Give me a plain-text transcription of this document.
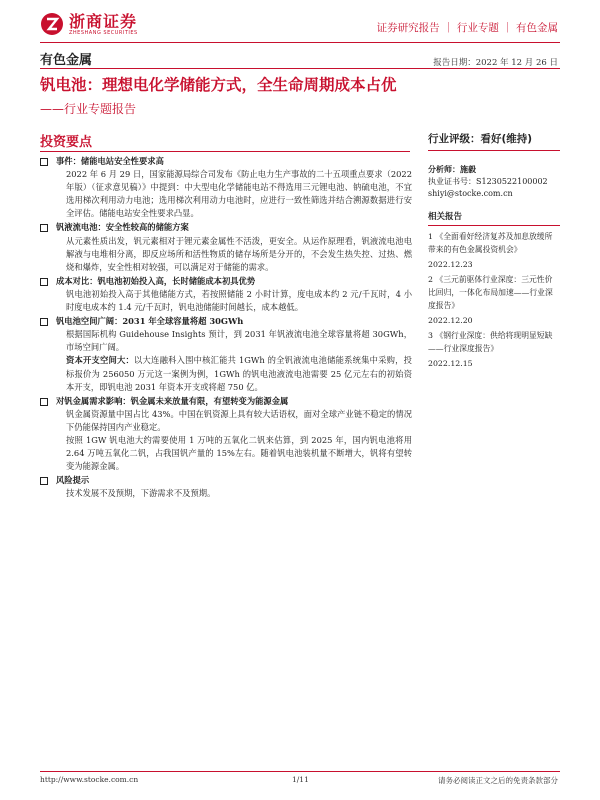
浙商证券
ZHESHANG SECURITIES	证券研究报告 ｜ 行业专题 ｜ 有色金属
有色金属	报告日期：2022 年 12 月 26 日
钒电池：理想电化学储能方式，全生命周期成本占优
——行业专题报告
投资要点
事件：储能电站安全性要求高
2022 年 6 月 29 日，国家能源局综合司发布《防止电力生产事故的二十五项重点要求（2022 年版）（征求意见稿）》中提到：中大型电化学储能电站不得选用三元锂电池、钠硫电池，不宜选用梯次利用动力电池；选用梯次利用动力电池时，应进行一致性筛选并结合溯源数据进行安全评估。储能电站安全性要求凸显。
钒液流电池：安全性较高的储能方案
从元素性质出发，钒元素相对于锂元素金属性不活泼，更安全。从运作原理看，钒液流电池电解液与电堆相分离，即反应场所和活性物质的储存场所是分开的，不会发生热失控、过热、燃烧和爆炸，安全性相对较强，可以满足对于储能的需求。
成本对比：钒电池初始投入高，长时储能成本初具优势
钒电池初始投入高于其他储能方式，若按照储能 2 小时计算，度电成本约 2 元/千瓦时，4 小时度电成本约 1.4 元/千瓦时，钒电池储能时间越长，成本越低。
钒电池空间广阔：2031 年全球容量将超 30GWh
根据国际机构 Guidehouse Insights 预计，到 2031 年钒液流电池全球容量将超 30GWh，市场空间广阔。
资本开支空间大：以大连融科入围中核汇能共 1GWh 的全钒液流电池储能系统集中采购，投标报价为 256050 万元这一案例为例，1GWh 的钒电池液流电池需要 25 亿元左右的初始资本开支，即钒电池 2031 年资本开支或将超 750 亿。
对钒金属需求影响：钒金属未来放量有限，有望转变为能源金属
钒金属资源量中国占比 43%。中国在钒资源上具有较大话语权，面对全球产业链不稳定的情况下仍能保持国内产业稳定。
按照 1GW 钒电池大约需要使用 1 万吨的五氧化二钒来估算，到 2025 年，国内钒电池将用 2.64 万吨五氧化二钒，占我国钒产量的 15%左右。随着钒电池装机量不断增大，钒将有望转变为能源金属。
风险提示
技术发展不及预期，下游需求不及预期。
行业评级：看好(维持)
分析师：施毅
执业证书号：S1230522100002
shiyi@stocke.com.cn
相关报告
1 《全面看好经济复苏及加息放缓所带来的有色金属投资机会》
2022.12.23
2 《三元前驱体行业深度：三元性价比回归，一体化布局加速——行业深度报告》
2022.12.20
3 《钢行业深度：供给将现明显短缺——行业深度报告》
2022.12.15
http://www.stocke.com.cn	1/11	请务必阅读正文之后的免责条款部分
